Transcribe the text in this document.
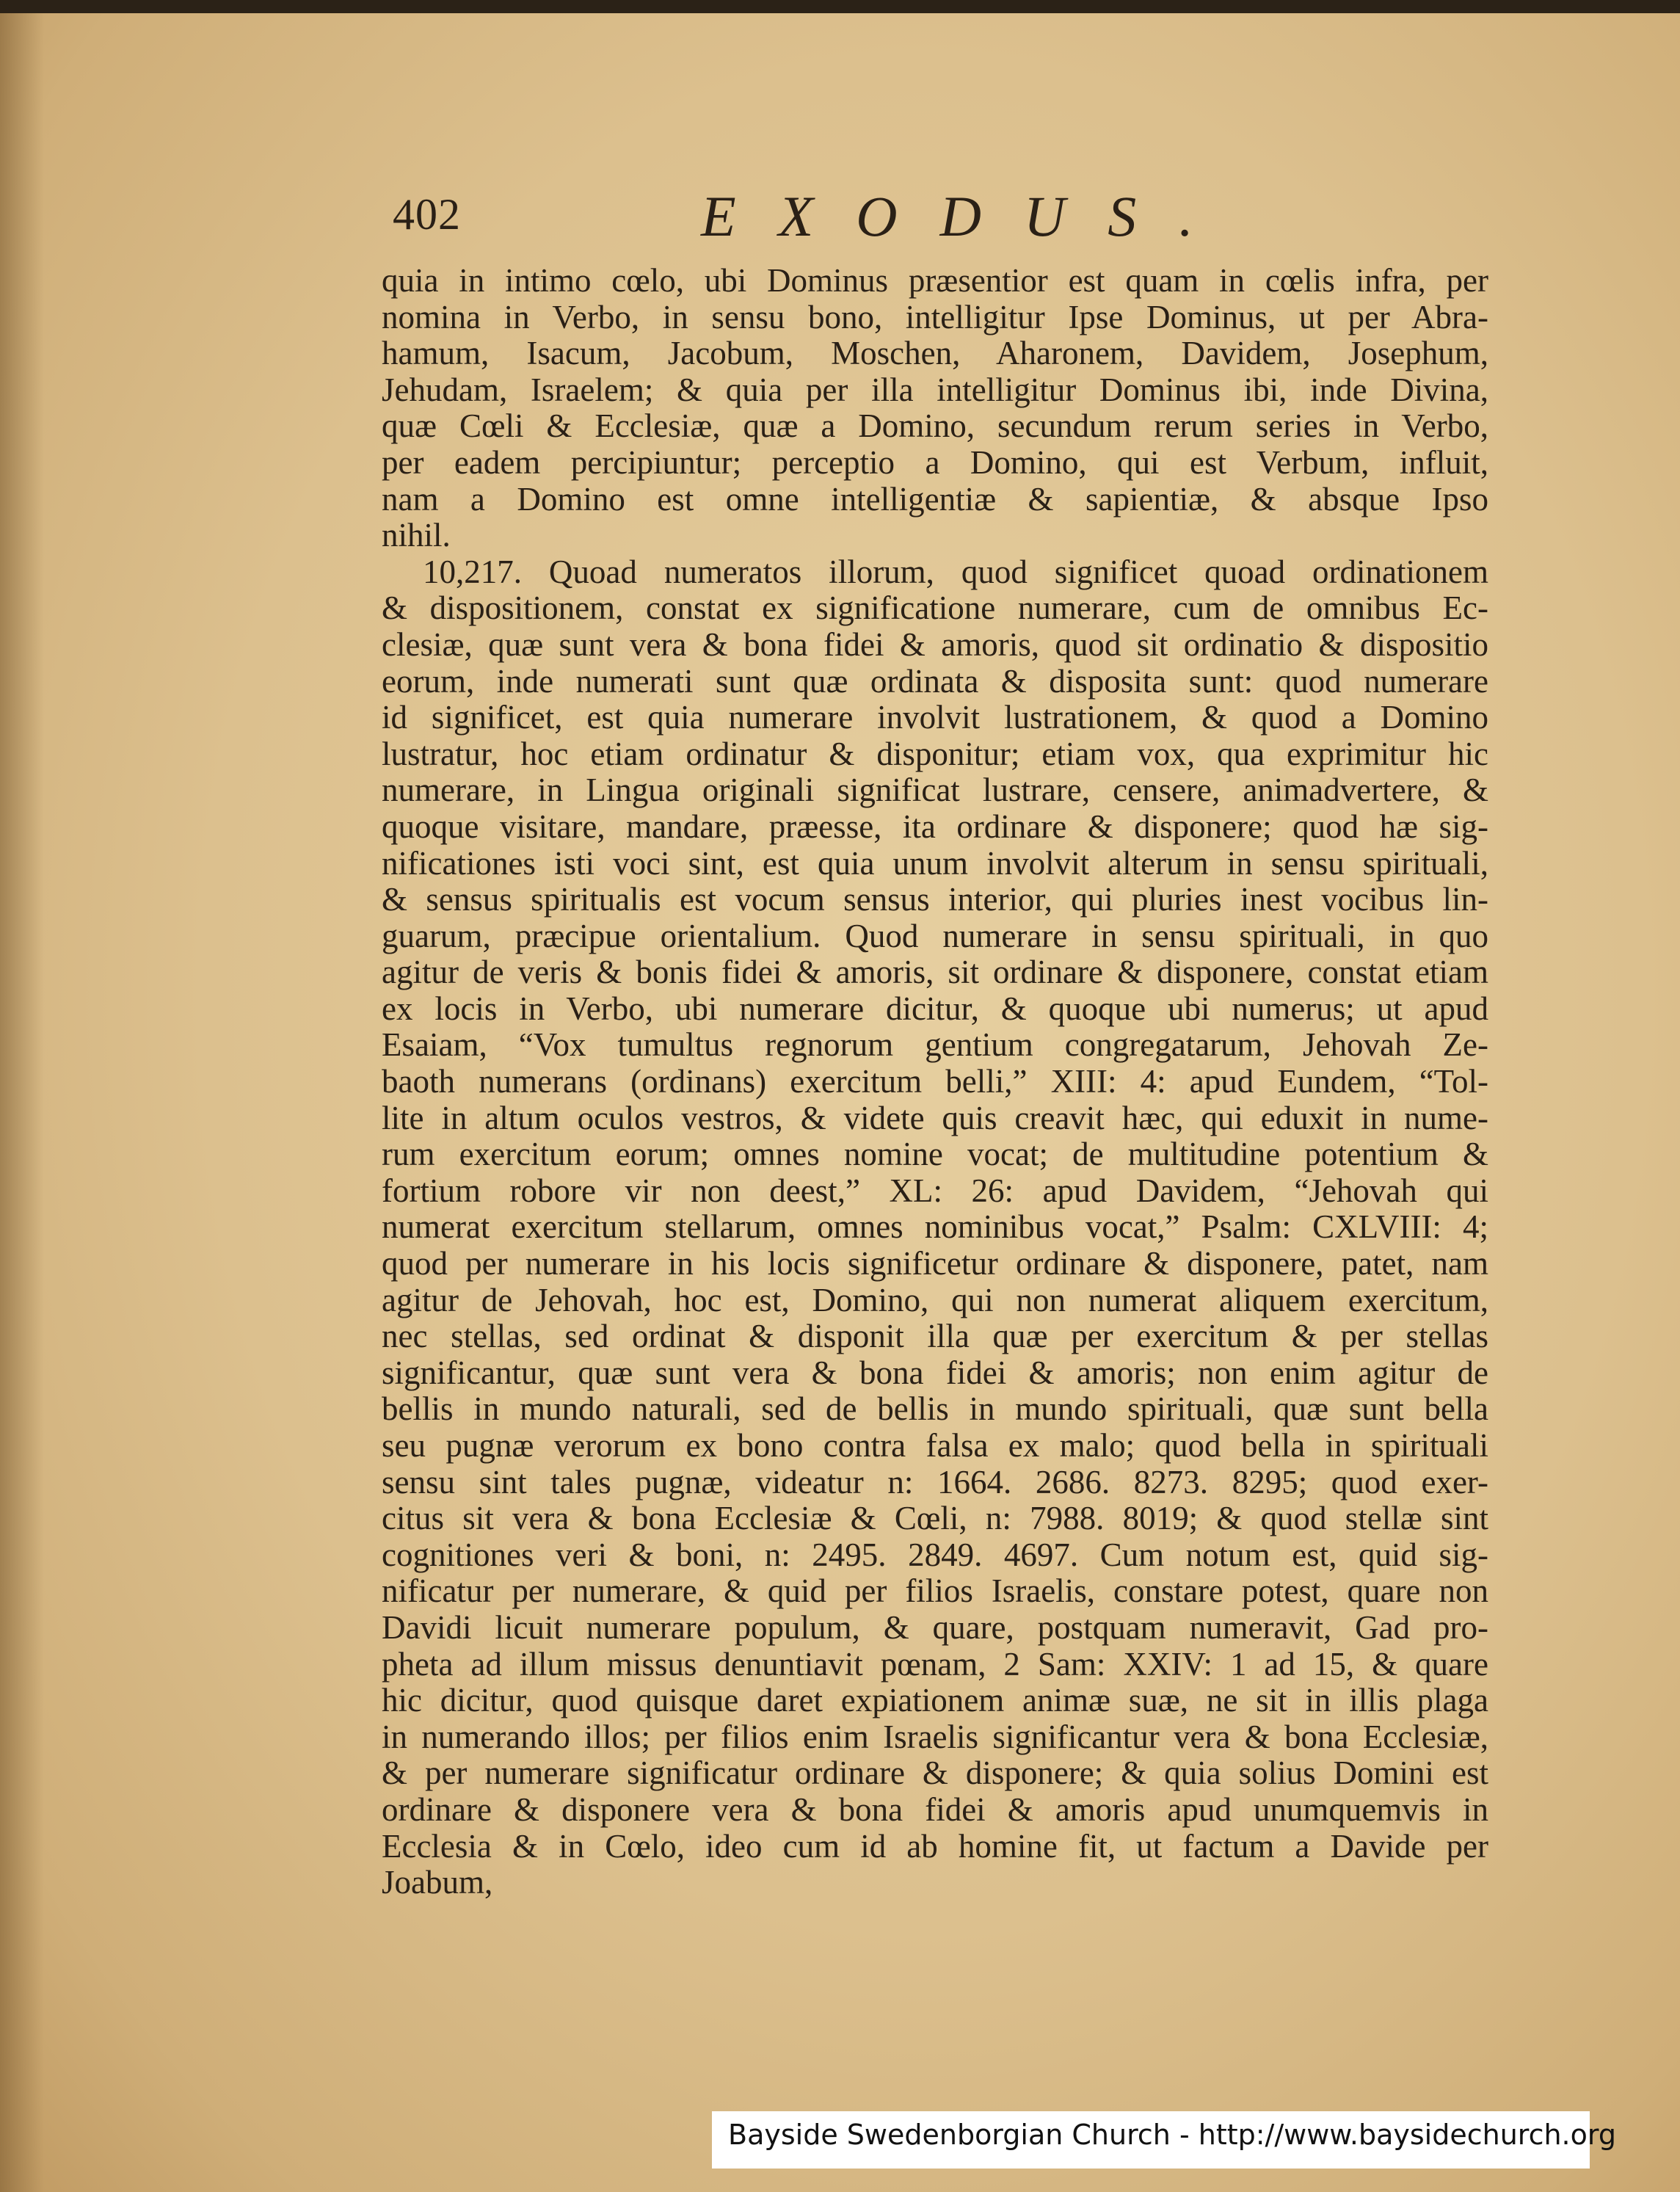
402	EXODUS.
quia in intimo cœlo, ubi Dominus præsentior est quam in cœlis infra, per
nomina in Verbo, in sensu bono, intelligitur Ipse Dominus, ut per Abra-
hamum, Isacum, Jacobum, Moschen, Aharonem, Davidem, Josephum,
Jehudam, Israelem; & quia per illa intelligitur Dominus ibi, inde Divina,
quæ Cœli & Ecclesiæ, quæ a Domino, secundum rerum series in Verbo,
per eadem percipiuntur; perceptio a Domino, qui est Verbum, influit,
nam a Domino est omne intelligentiæ & sapientiæ, & absque Ipso
nihil.
10,217. Quoad numeratos illorum, quod significet quoad ordinationem
& dispositionem, constat ex significatione numerare, cum de omnibus Ec-
clesiæ, quæ sunt vera & bona fidei & amoris, quod sit ordinatio & dispositio
eorum, inde numerati sunt quæ ordinata & disposita sunt: quod numerare
id significet, est quia numerare involvit lustrationem, & quod a Domino
lustratur, hoc etiam ordinatur & disponitur; etiam vox, qua exprimitur hic
numerare, in Lingua originali significat lustrare, censere, animadvertere, &
quoque visitare, mandare, præesse, ita ordinare & disponere; quod hæ sig-
nificationes isti voci sint, est quia unum involvit alterum in sensu spirituali,
& sensus spiritualis est vocum sensus interior, qui pluries inest vocibus lin-
guarum, præcipue orientalium. Quod numerare in sensu spirituali, in quo
agitur de veris & bonis fidei & amoris, sit ordinare & disponere, constat etiam
ex locis in Verbo, ubi numerare dicitur, & quoque ubi numerus; ut apud
Esaiam, “Vox tumultus regnorum gentium congregatarum, Jehovah Ze-
baoth numerans (ordinans) exercitum belli,” XIII: 4: apud Eundem, “Tol-
lite in altum oculos vestros, & videte quis creavit hæc, qui eduxit in nume-
rum exercitum eorum; omnes nomine vocat; de multitudine potentium &
fortium robore vir non deest,” XL: 26: apud Davidem, “Jehovah qui
numerat exercitum stellarum, omnes nominibus vocat,” Psalm: CXLVIII: 4;
quod per numerare in his locis significetur ordinare & disponere, patet, nam
agitur de Jehovah, hoc est, Domino, qui non numerat aliquem exercitum,
nec stellas, sed ordinat & disponit illa quæ per exercitum & per stellas
significantur, quæ sunt vera & bona fidei & amoris; non enim agitur de
bellis in mundo naturali, sed de bellis in mundo spirituali, quæ sunt bella
seu pugnæ verorum ex bono contra falsa ex malo; quod bella in spirituali
sensu sint tales pugnæ, videatur n: 1664. 2686. 8273. 8295; quod exer-
citus sit vera & bona Ecclesiæ & Cœli, n: 7988. 8019; & quod stellæ sint
cognitiones veri & boni, n: 2495. 2849. 4697. Cum notum est, quid sig-
nificatur per numerare, & quid per filios Israelis, constare potest, quare non
Davidi licuit numerare populum, & quare, postquam numeravit, Gad pro-
pheta ad illum missus denuntiavit pœnam, 2 Sam: XXIV: 1 ad 15, & quare
hic dicitur, quod quisque daret expiationem animæ suæ, ne sit in illis plaga
in numerando illos; per filios enim Israelis significantur vera & bona Ecclesiæ,
& per numerare significatur ordinare & disponere; & quia solius Domini est
ordinare & disponere vera & bona fidei & amoris apud unumquemvis in
Ecclesia & in Cœlo, ideo cum id ab homine fit, ut factum a Davide per
Joabum,
Bayside Swedenborgian Church - http://www.baysidechurch.org
